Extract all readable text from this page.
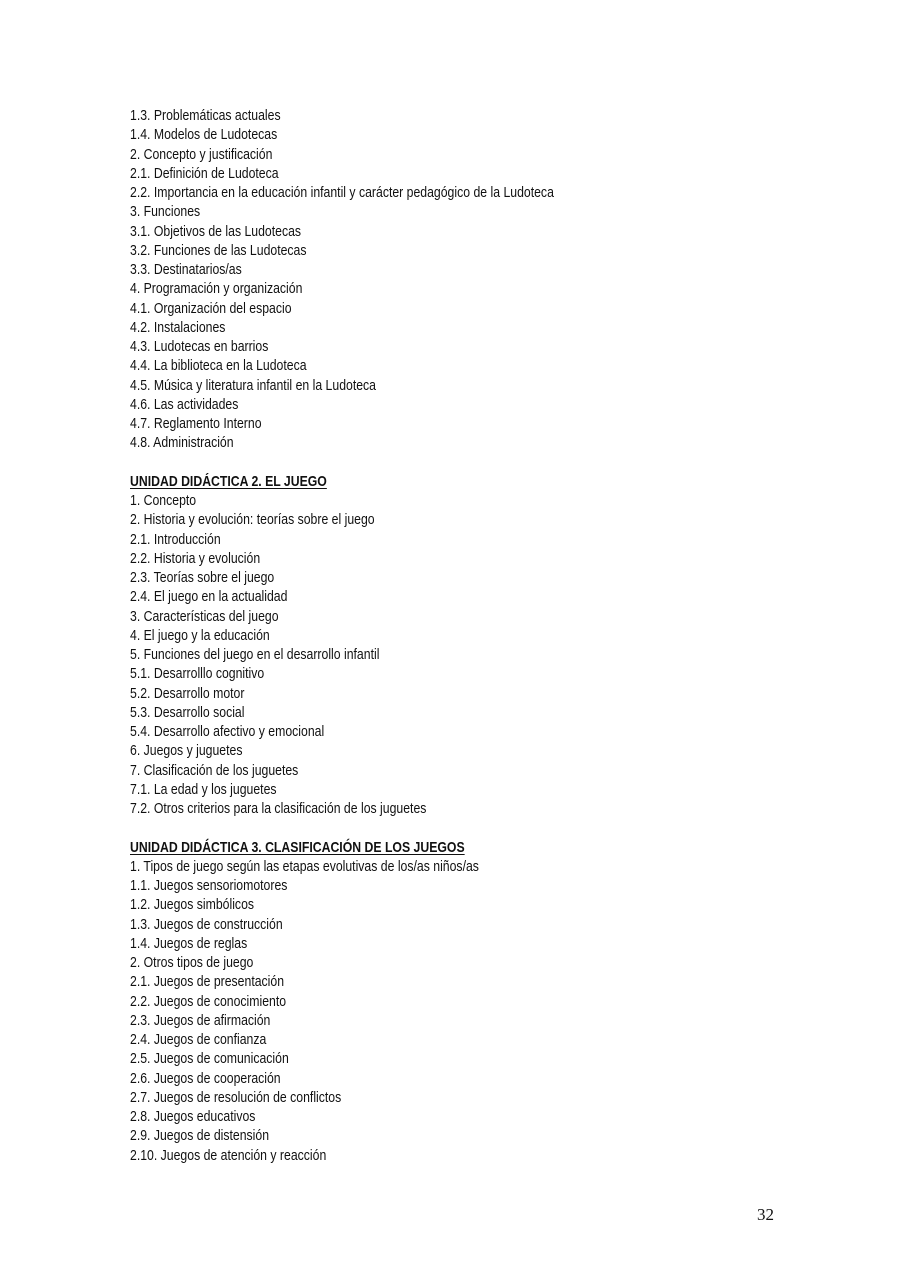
1.3. Problemáticas actuales
1.4. Modelos de Ludotecas
2. Concepto y justificación
2.1. Definición de Ludoteca
2.2. Importancia en la educación infantil y carácter pedagógico de la Ludoteca
3. Funciones
3.1. Objetivos de las Ludotecas
3.2. Funciones de las Ludotecas
3.3. Destinatarios/as
4. Programación y organización
4.1. Organización del espacio
4.2. Instalaciones
4.3. Ludotecas en barrios
4.4. La biblioteca en la Ludoteca
4.5. Música y literatura infantil en la Ludoteca
4.6. Las actividades
4.7. Reglamento Interno
4.8. Administración
UNIDAD DIDÁCTICA 2. EL JUEGO
1. Concepto
2. Historia y evolución: teorías sobre el juego
2.1. Introducción
2.2. Historia y evolución
2.3. Teorías sobre el juego
2.4. El juego en la actualidad
3. Características del juego
4. El juego y la educación
5. Funciones del juego en el desarrollo infantil
5.1. Desarrolllo cognitivo
5.2. Desarrollo motor
5.3. Desarrollo social
5.4. Desarrollo afectivo y emocional
6. Juegos y juguetes
7. Clasificación de los juguetes
7.1. La edad y los juguetes
7.2. Otros criterios para la clasificación de los juguetes
UNIDAD DIDÁCTICA 3. CLASIFICACIÓN DE LOS JUEGOS
1. Tipos de juego según las etapas evolutivas de los/as niños/as
1.1. Juegos sensoriomotores
1.2. Juegos simbólicos
1.3. Juegos de construcción
1.4. Juegos de reglas
2. Otros tipos de juego
2.1. Juegos de presentación
2.2. Juegos de conocimiento
2.3. Juegos de afirmación
2.4. Juegos de confianza
2.5. Juegos de comunicación
2.6. Juegos de cooperación
2.7. Juegos de resolución de conflictos
2.8. Juegos educativos
2.9. Juegos de distensión
2.10. Juegos de atención y reacción
32
